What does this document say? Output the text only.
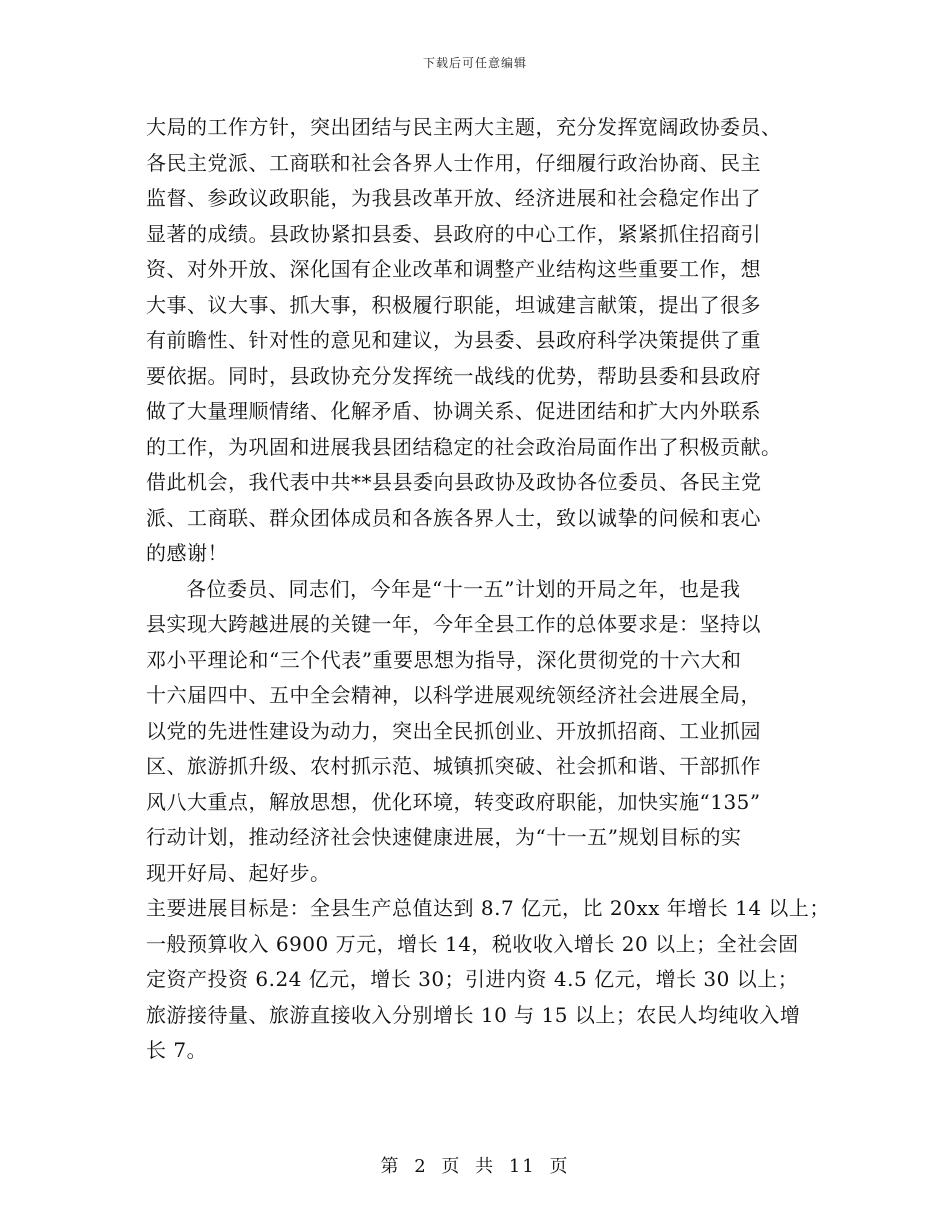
下载后可任意编辑
大局的工作方针，突出团结与民主两大主题，充分发挥宽阔政协委员、
各民主党派、工商联和社会各界人士作用，仔细履行政治协商、民主
监督、参政议政职能，为我县改革开放、经济进展和社会稳定作出了
显著的成绩。县政协紧扣县委、县政府的中心工作，紧紧抓住招商引
资、对外开放、深化国有企业改革和调整产业结构这些重要工作，想
大事、议大事、抓大事，积极履行职能，坦诚建言献策，提出了很多
有前瞻性、针对性的意见和建议，为县委、县政府科学决策提供了重
要依据。同时，县政协充分发挥统一战线的优势，帮助县委和县政府
做了大量理顺情绪、化解矛盾、协调关系、促进团结和扩大内外联系
的工作，为巩固和进展我县团结稳定的社会政治局面作出了积极贡献。
借此机会，我代表中共**县县委向县政协及政协各位委员、各民主党
派、工商联、群众团体成员和各族各界人士，致以诚挚的问候和衷心
的感谢！
各位委员、同志们，今年是“十一五”计划的开局之年，也是我
县实现大跨越进展的关键一年，今年全县工作的总体要求是：坚持以
邓小平理论和“三个代表”重要思想为指导，深化贯彻党的十六大和
十六届四中、五中全会精神，以科学进展观统领经济社会进展全局，
以党的先进性建设为动力，突出全民抓创业、开放抓招商、工业抓园
区、旅游抓升级、农村抓示范、城镇抓突破、社会抓和谐、干部抓作
风八大重点，解放思想，优化环境，转变政府职能，加快实施“135”
行动计划，推动经济社会快速健康进展，为“十一五”规划目标的实
现开好局、起好步。
主要进展目标是：全县生产总值达到 8.7 亿元，比 20xx 年增长 14 以上；
一般预算收入 6900 万元，增长 14，税收收入增长 20 以上；全社会固
定资产投资 6.24 亿元，增长 30；引进内资 4.5 亿元，增长 30 以上；
旅游接待量、旅游直接收入分别增长 10 与 15 以上；农民人均纯收入增
长 7。
第 2 页 共 11 页
